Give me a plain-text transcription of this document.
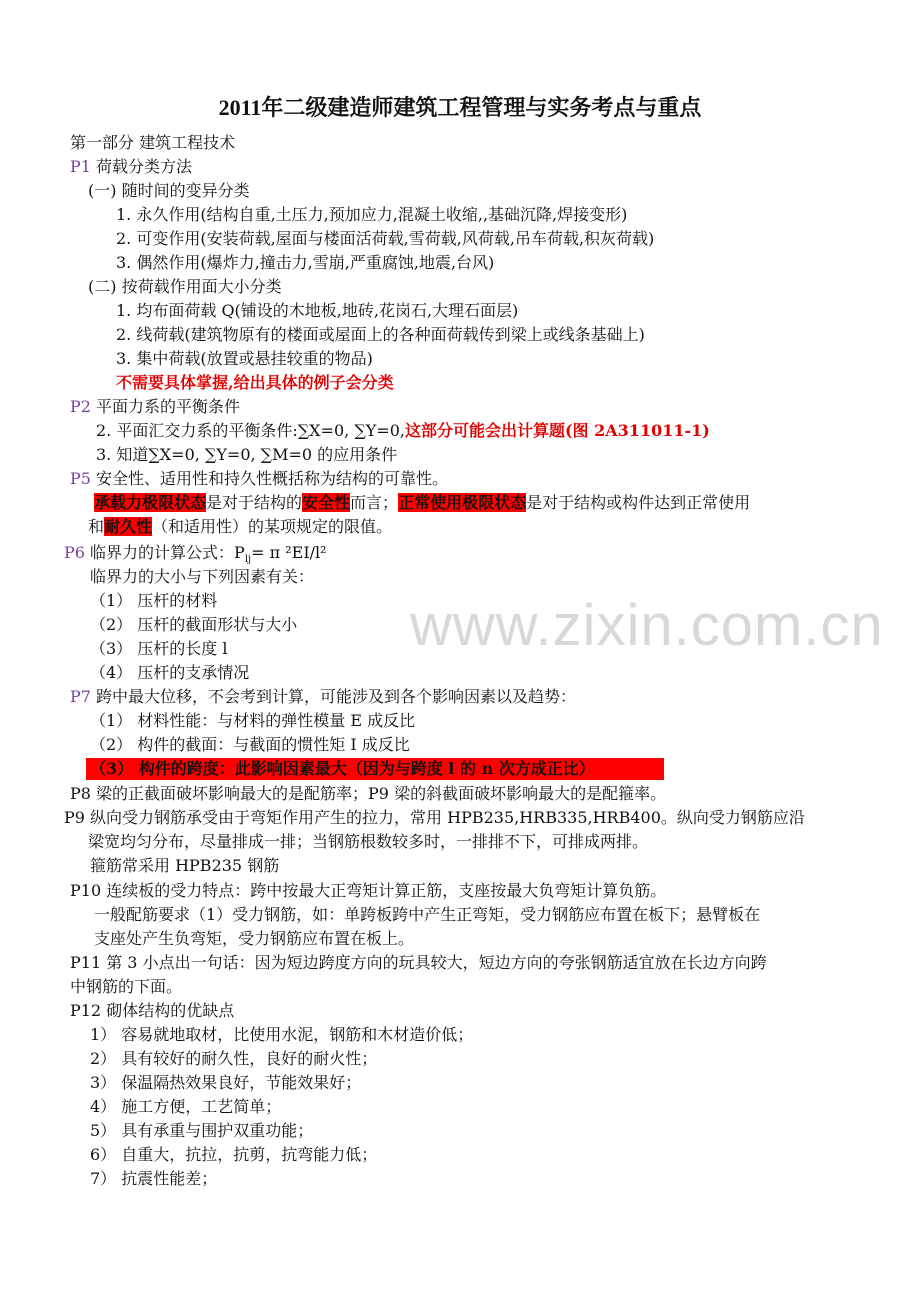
www.zixin.com.cn
2011年二级建造师建筑工程管理与实务考点与重点
第一部分 建筑工程技术
P1 荷载分类方法
(一) 随时间的变异分类
1. 永久作用(结构自重,土压力,预加应力,混凝土收缩,,基础沉降,焊接变形)
2. 可变作用(安装荷载,屋面与楼面活荷载,雪荷载,风荷载,吊车荷载,积灰荷载)
3. 偶然作用(爆炸力,撞击力,雪崩,严重腐蚀,地震,台风)
(二) 按荷载作用面大小分类
1. 均布面荷载 Q(铺设的木地板,地砖,花岗石,大理石面层)
2. 线荷载(建筑物原有的楼面或屋面上的各种面荷载传到梁上或线条基础上)
3. 集中荷载(放置或悬挂较重的物品)
不需要具体掌握,给出具体的例子会分类
P2 平面力系的平衡条件
2. 平面汇交力系的平衡条件:∑X=0, ∑Y=0,这部分可能会出计算题(图 2A311011-1)
3. 知道∑X=0, ∑Y=0, ∑M=0 的应用条件
P5 安全性、适用性和持久性概括称为结构的可靠性。
承载力极限状态是对于结构的安全性而言；正常使用极限状态是对于结构或构件达到正常使用
和耐久性（和适用性）的某项规定的限值。
P6 临界力的计算公式：$P_{lj}= \pi$ ²EI/l²
临界力的大小与下列因素有关：
（1） 压杆的材料
（2） 压杆的截面形状与大小
（3） 压杆的长度 l
（4） 压杆的支承情况
P7 跨中最大位移，不会考到计算，可能涉及到各个影响因素以及趋势：
（1） 材料性能：与材料的弹性模量 E 成反比
（2） 构件的截面：与截面的惯性矩 I 成反比
（3） 构件的跨度：此影响因素最大（因为与跨度 l 的 n 次方成正比）
P8 梁的正截面破坏影响最大的是配筋率；P9 梁的斜截面破坏影响最大的是配箍率。
P9 纵向受力钢筋承受由于弯矩作用产生的拉力，常用 HPB235,HRB335,HRB400。纵向受力钢筋应沿
梁宽均匀分布，尽量排成一排；当钢筋根数较多时，一排排不下，可排成两排。
箍筋常采用 HPB235 钢筋
P10 连续板的受力特点：跨中按最大正弯矩计算正筋，支座按最大负弯矩计算负筋。
一般配筋要求（1）受力钢筋，如：单跨板跨中产生正弯矩，受力钢筋应布置在板下；悬臂板在
支座处产生负弯矩，受力钢筋应布置在板上。
P11 第 3 小点出一句话：因为短边跨度方向的玩具较大，短边方向的夸张钢筋适宜放在长边方向跨
中钢筋的下面。
P12 砌体结构的优缺点
1） 容易就地取材，比使用水泥，钢筋和木材造价低；
2） 具有较好的耐久性，良好的耐火性；
3） 保温隔热效果良好，节能效果好；
4） 施工方便，工艺简单；
5） 具有承重与围护双重功能；
6） 自重大，抗拉，抗剪，抗弯能力低；
7） 抗震性能差；
